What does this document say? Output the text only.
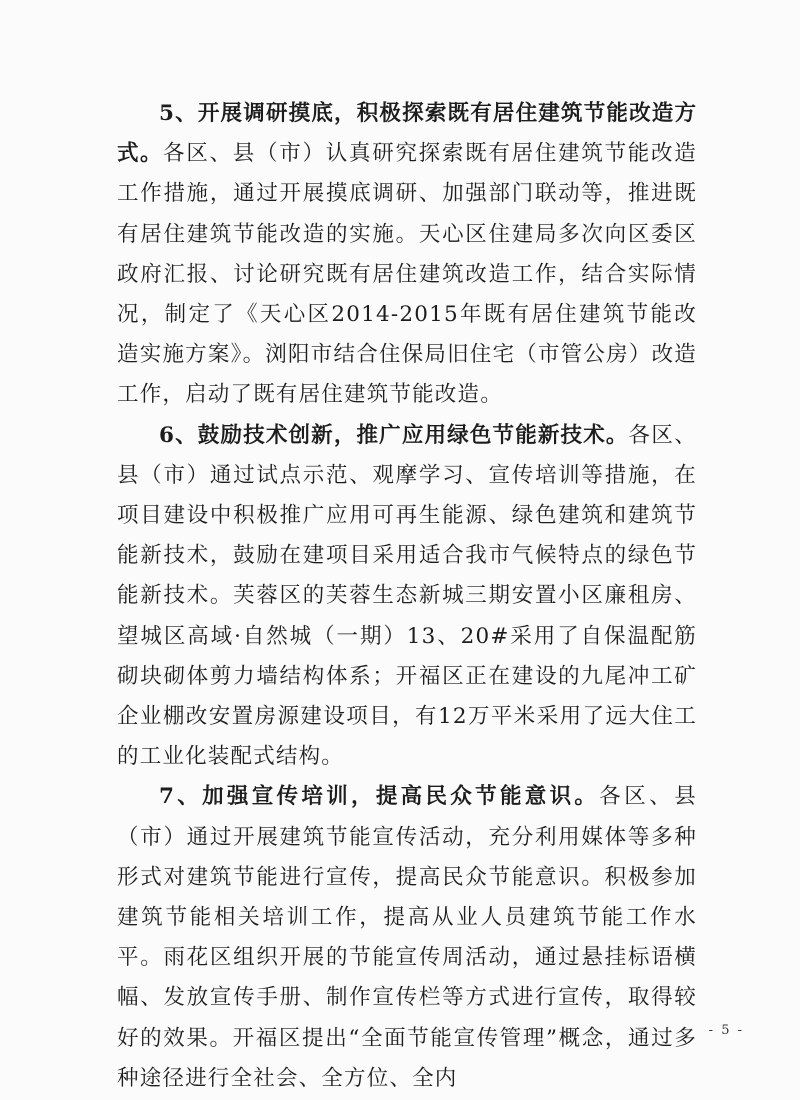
5、开展调研摸底，积极探索既有居住建筑节能改造方式。各区、县（市）认真研究探索既有居住建筑节能改造工作措施，通过开展摸底调研、加强部门联动等，推进既有居住建筑节能改造的实施。天心区住建局多次向区委区政府汇报、讨论研究既有居住建筑改造工作，结合实际情况，制定了《天心区2014-2015年既有居住建筑节能改造实施方案》。浏阳市结合住保局旧住宅（市管公房）改造工作，启动了既有居住建筑节能改造。

6、鼓励技术创新，推广应用绿色节能新技术。各区、县（市）通过试点示范、观摩学习、宣传培训等措施，在项目建设中积极推广应用可再生能源、绿色建筑和建筑节能新技术，鼓励在建项目采用适合我市气候特点的绿色节能新技术。芙蓉区的芙蓉生态新城三期安置小区廉租房、望城区高域·自然城（一期）13、20#采用了自保温配筋砌块砌体剪力墙结构体系；开福区正在建设的九尾冲工矿企业棚改安置房源建设项目，有12万平米采用了远大住工的工业化装配式结构。

7、加强宣传培训，提高民众节能意识。各区、县（市）通过开展建筑节能宣传活动，充分利用媒体等多种形式对建筑节能进行宣传，提高民众节能意识。积极参加建筑节能相关培训工作，提高从业人员建筑节能工作水平。雨花区组织开展的节能宣传周活动，通过悬挂标语横幅、发放宣传手册、制作宣传栏等方式进行宣传，取得较好的效果。开福区提出“全面节能宣传管理”概念，通过多种途径进行全社会、全方位、全内

- 5 -
